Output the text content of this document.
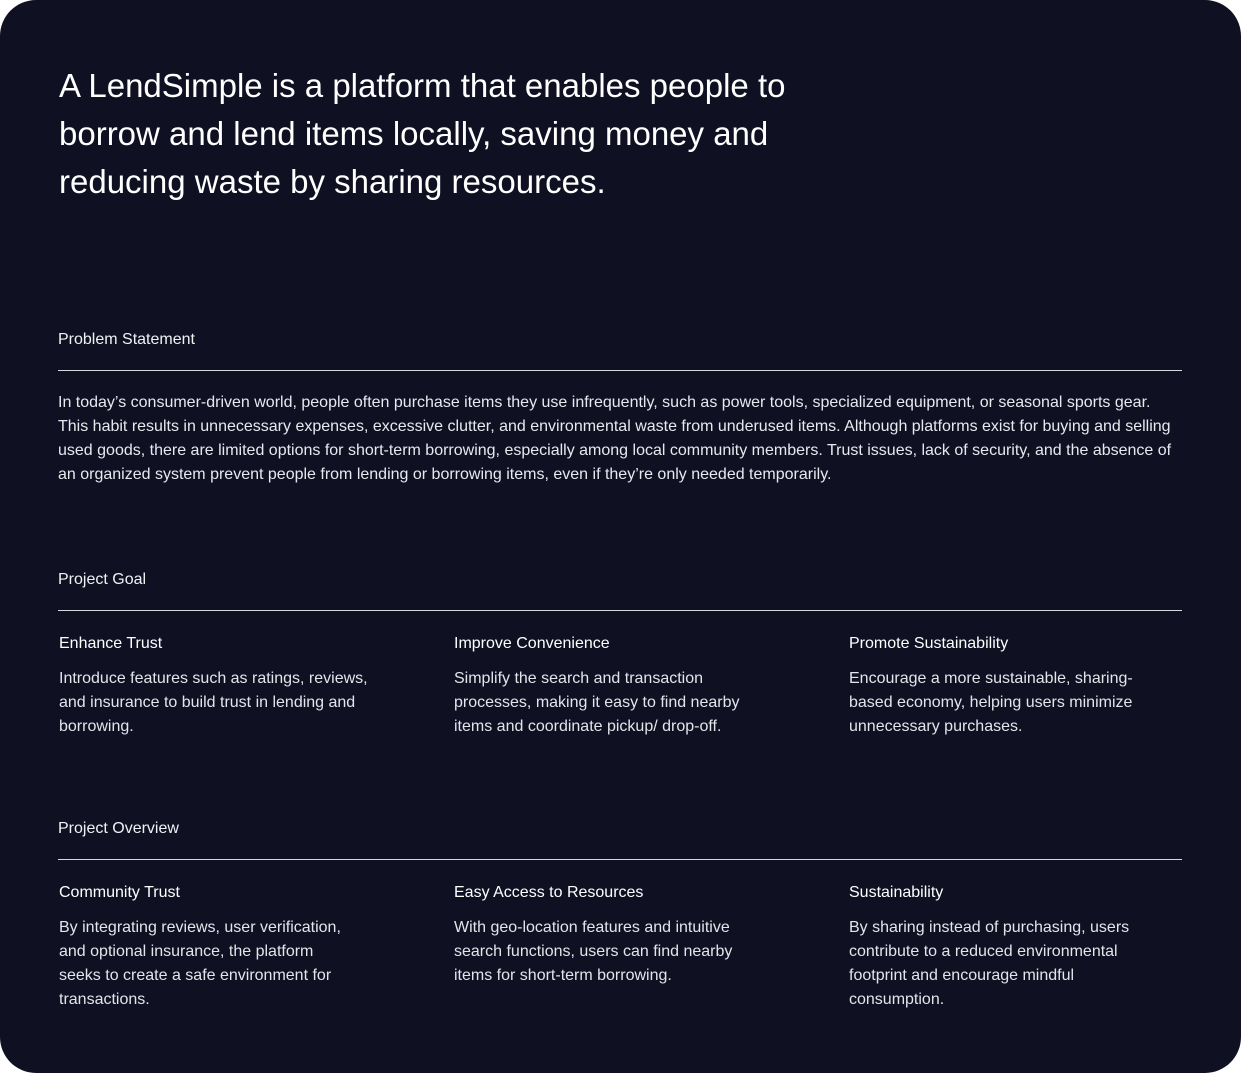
A LendSimple is a platform that enables people to borrow and lend items locally, saving money and reducing waste by sharing resources.

Problem Statement

In today’s consumer-driven world, people often purchase items they use infrequently, such as power tools, specialized equipment, or seasonal sports gear. This habit results in unnecessary expenses, excessive clutter, and environmental waste from underused items. Although platforms exist for buying and selling used goods, there are limited options for short-term borrowing, especially among local community members. Trust issues, lack of security, and the absence of an organized system prevent people from lending or borrowing items, even if they’re only needed temporarily.

Project Goal

Enhance Trust

Introduce features such as ratings, reviews, and insurance to build trust in lending and borrowing.

Improve Convenience

Simplify the search and transaction processes, making it easy to find nearby items and coordinate pickup/ drop-off.

Promote Sustainability

Encourage a more sustainable, sharing-based economy, helping users minimize unnecessary purchases.

Project Overview

Community Trust

By integrating reviews, user verification, and optional insurance, the platform seeks to create a safe environment for transactions.

Easy Access to Resources

With geo-location features and intuitive search functions, users can find nearby items for short-term borrowing.

Sustainability

By sharing instead of purchasing, users contribute to a reduced environmental footprint and encourage mindful consumption.
